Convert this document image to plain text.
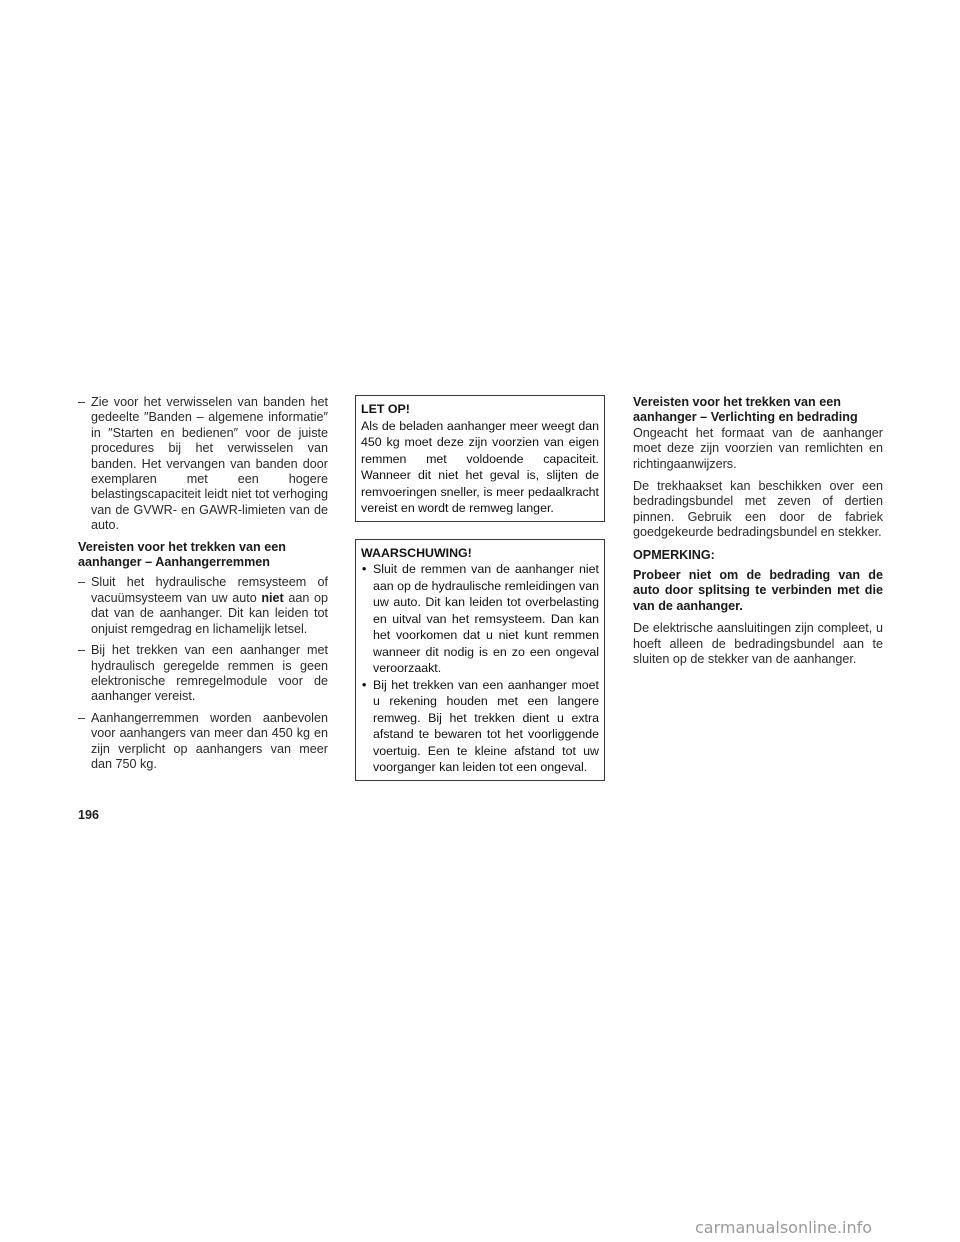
– Zie voor het verwisselen van banden het gedeelte ″Banden – algemene informatie″ in ″Starten en bedienen″ voor de juiste procedures bij het verwisselen van banden. Het vervangen van banden door exemplaren met een hogere belastingscapaciteit leidt niet tot verhoging van de GVWR- en GAWR-limieten van de auto.
Vereisten voor het trekken van een
aanhanger – Aanhangerremmen
– Sluit het hydraulische remsysteem of vacuümsysteem van uw auto niet aan op dat van de aanhanger. Dit kan leiden tot onjuist remgedrag en lichamelijk letsel.
– Bij het trekken van een aanhanger met hydraulisch geregelde remmen is geen elektronische remregelmodule voor de aanhanger vereist.
– Aanhangerremmen worden aanbevolen voor aanhangers van meer dan 450 kg en zijn verplicht op aanhangers van meer dan 750 kg.
LET OP!
Als de beladen aanhanger meer weegt dan 450 kg moet deze zijn voorzien van eigen remmen met voldoende capaciteit. Wanneer dit niet het geval is, slijten de remvoeringen sneller, is meer pedaalkracht vereist en wordt de remweg langer.
WAARSCHUWING!
• Sluit de remmen van de aanhanger niet aan op de hydraulische remleidingen van uw auto. Dit kan leiden tot overbelasting en uitval van het remsysteem. Dan kan het voorkomen dat u niet kunt remmen wanneer dit nodig is en zo een ongeval veroorzaakt.
• Bij het trekken van een aanhanger moet u rekening houden met een langere remweg. Bij het trekken dient u extra afstand te bewaren tot het voorliggende voertuig. Een te kleine afstand tot uw voorganger kan leiden tot een ongeval.
Vereisten voor het trekken van een
aanhanger – Verlichting en bedrading
Ongeacht het formaat van de aanhanger moet deze zijn voorzien van remlichten en richtingaanwijzers.
De trekhaakset kan beschikken over een bedradingsbundel met zeven of dertien pinnen. Gebruik een door de fabriek goedgekeurde bedradingsbundel en stekker.
OPMERKING:
Probeer niet om de bedrading van de auto door splitsing te verbinden met die van de aanhanger.
De elektrische aansluitingen zijn compleet, u hoeft alleen de bedradingsbundel aan te sluiten op de stekker van de aanhanger.
196
carmanualsonline.info
